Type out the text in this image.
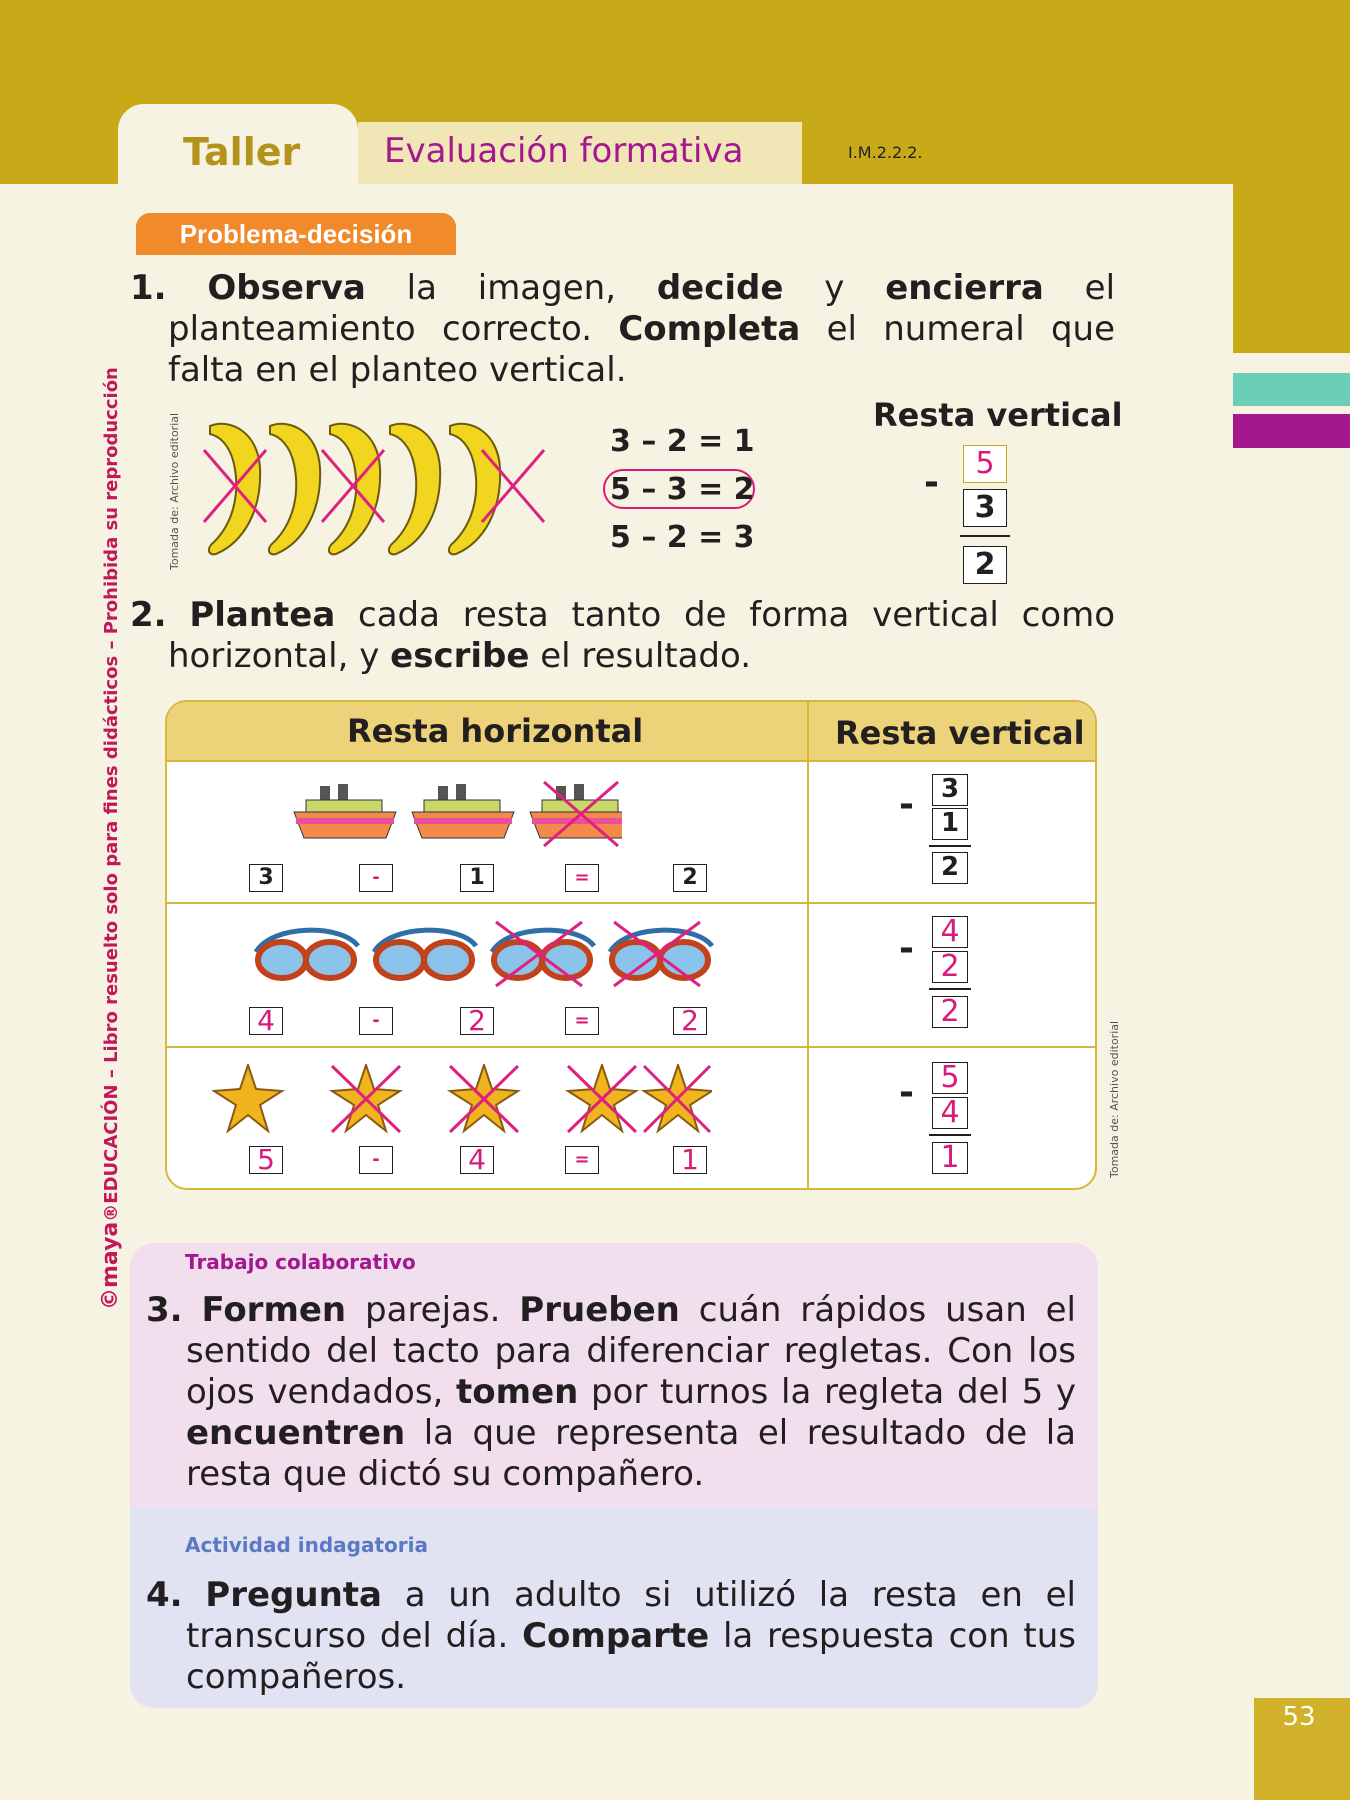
Taller Evaluación formativa	I.M.2.2.2.
©maya®EDUCACIÓN – Libro resuelto solo para fines didácticos – Prohibida su reproducción
53
Problema-decisión
1. Observa la imagen, decide y encierra el planteamiento correcto. Completa el numeral que falta en el planteo vertical.
Tomada de: Archivo editorial	3 – 2 = 1
5 – 3 = 2
5 – 2 = 3
Resta vertical
-	5
3
2
2. Plantea cada resta tanto de forma vertical como horizontal, y escribe el resultado.
Resta horizontal	Resta vertical
3	-	1	=	2
-	3
1
2
4	-	2	=	2
- 4
2
2
5	-	4	=	1
- 5
4
1	Tomada de: Archivo editorial
Trabajo colaborativo
3. Formen parejas. Prueben cuán rápidos usan el sentido del tacto para diferenciar regletas. Con los ojos vendados, tomen por turnos la regleta del 5 y encuentren la que representa el resultado de la resta que dictó su compañero.
Actividad indagatoria
4. Pregunta a un adulto si utilizó la resta en el transcurso del día. Comparte la respuesta con tus compañeros.
